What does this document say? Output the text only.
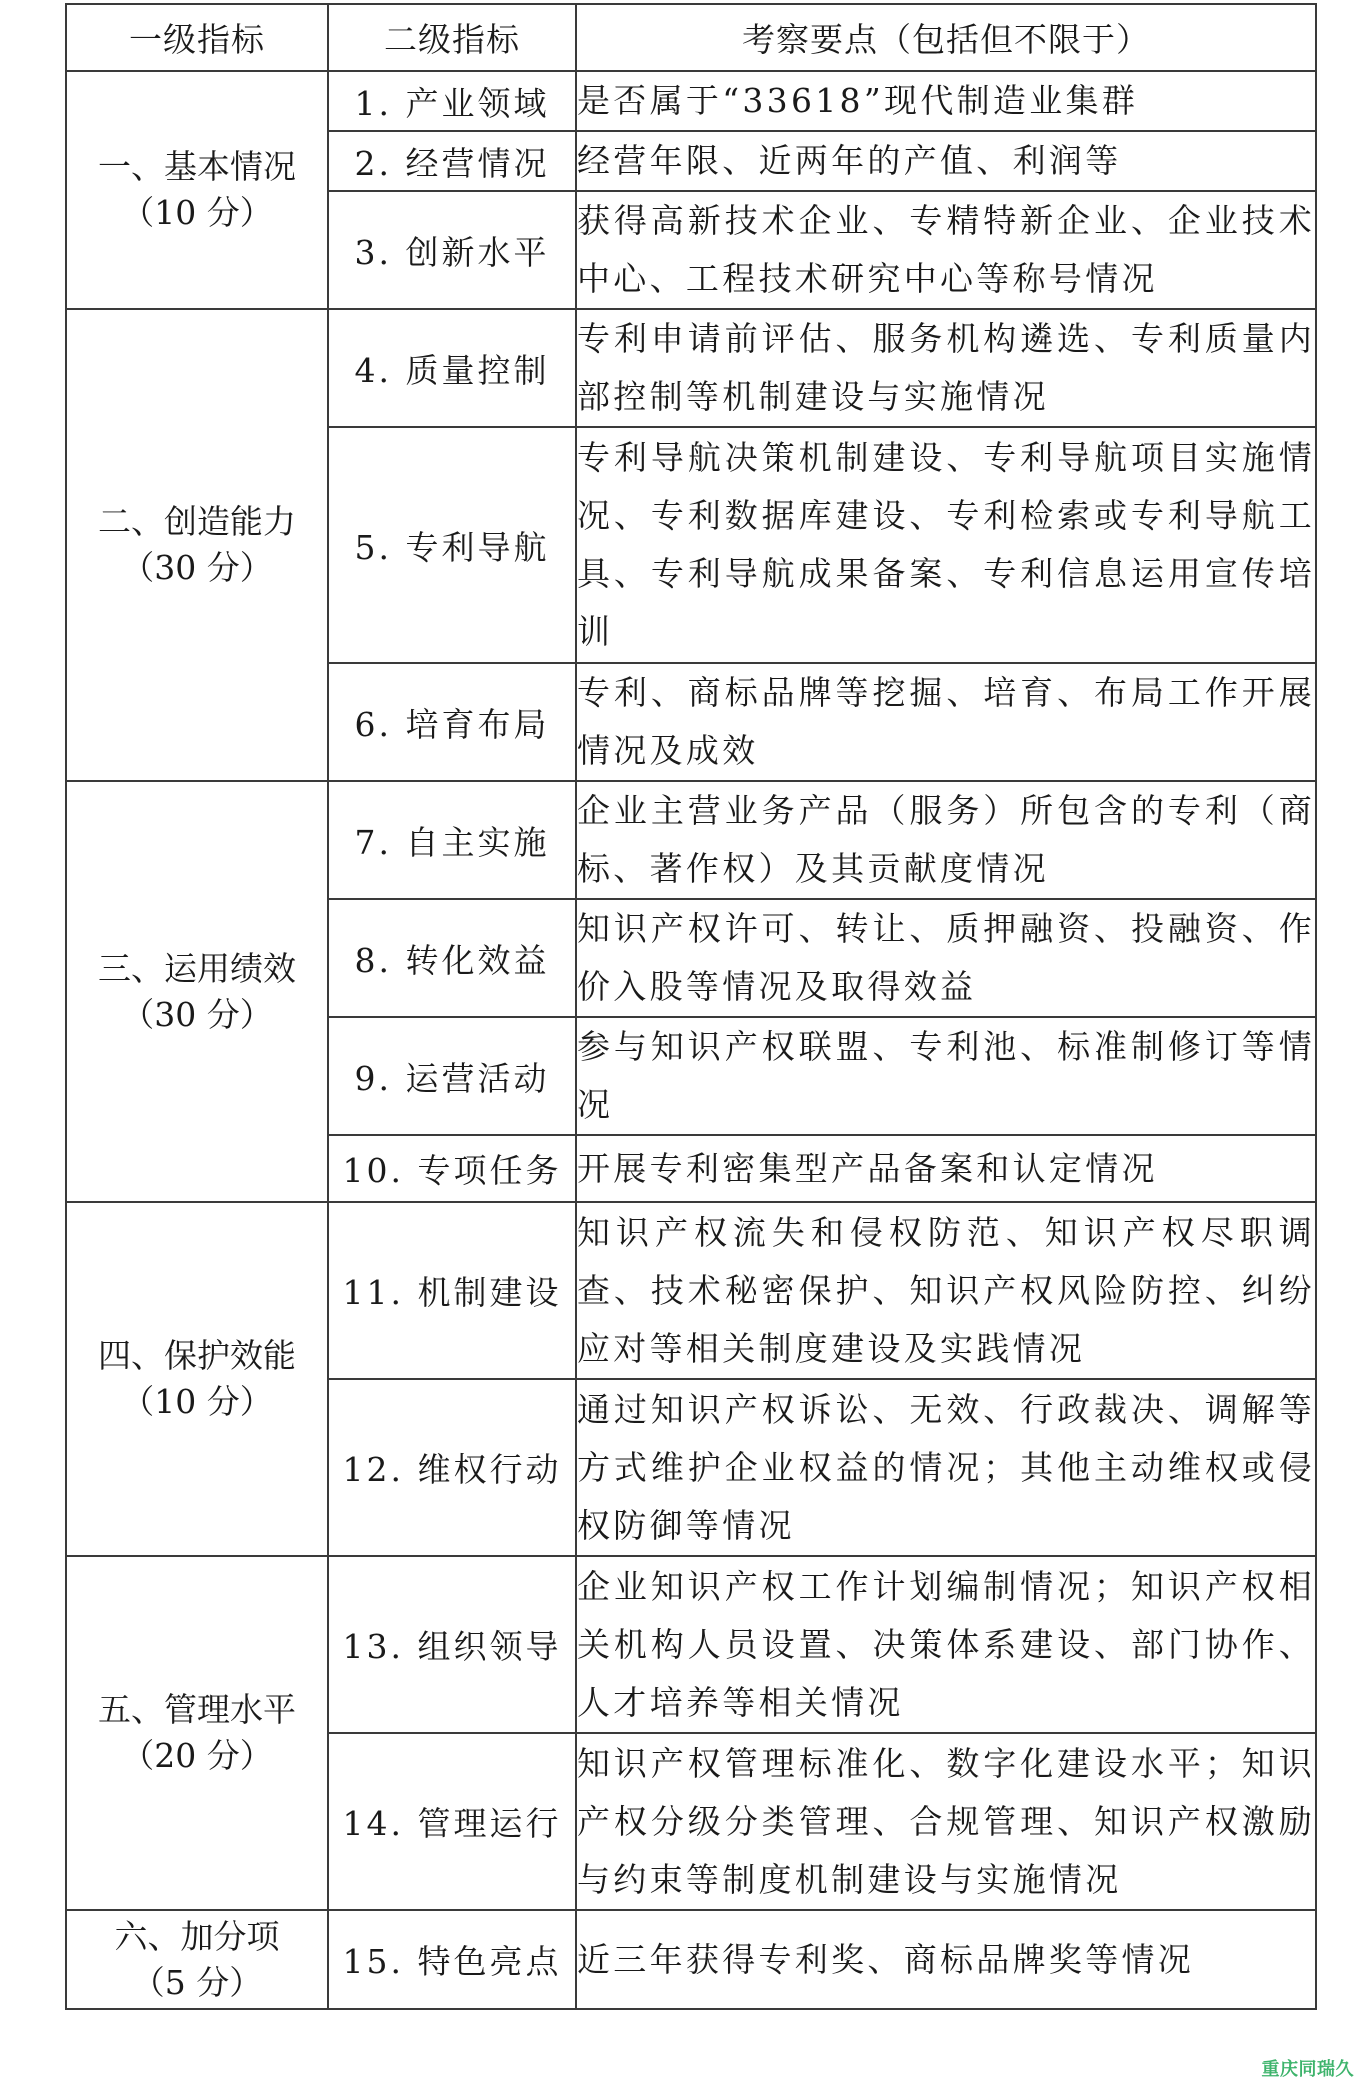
一级指标	二级指标	考察要点（包括但不限于）

一、基本情况
（10 分）	1. 产业领域	是否属于“33618”现代制造业集群
	2. 经营情况	经营年限、近两年的产值、利润等
	3. 创新水平	获得高新技术企业、专精特新企业、企业技术中心、工程技术研究中心等称号情况

二、创造能力
（30 分）	4. 质量控制	专利申请前评估、服务机构遴选、专利质量内部控制等机制建设与实施情况
	5. 专利导航	专利导航决策机制建设、专利导航项目实施情况、专利数据库建设、专利检索或专利导航工具、专利导航成果备案、专利信息运用宣传培训
	6. 培育布局	专利、商标品牌等挖掘、培育、布局工作开展情况及成效

三、运用绩效
（30 分）	7. 自主实施	企业主营业务产品（服务）所包含的专利（商标、著作权）及其贡献度情况
	8. 转化效益	知识产权许可、转让、质押融资、投融资、作价入股等情况及取得效益
	9. 运营活动	参与知识产权联盟、专利池、标准制修订等情况
	10. 专项任务	开展专利密集型产品备案和认定情况

四、保护效能
（10 分）	11. 机制建设	知识产权流失和侵权防范、知识产权尽职调查、技术秘密保护、知识产权风险防控、纠纷应对等相关制度建设及实践情况
	12. 维权行动	通过知识产权诉讼、无效、行政裁决、调解等方式维护企业权益的情况；其他主动维权或侵权防御等情况

五、管理水平
（20 分）	13. 组织领导	企业知识产权工作计划编制情况；知识产权相关机构人员设置、决策体系建设、部门协作、人才培养等相关情况
	14. 管理运行	知识产权管理标准化、数字化建设水平；知识产权分级分类管理、合规管理、知识产权激励与约束等制度机制建设与实施情况

六、加分项
（5 分）	15. 特色亮点	近三年获得专利奖、商标品牌奖等情况
重庆同瑞久
